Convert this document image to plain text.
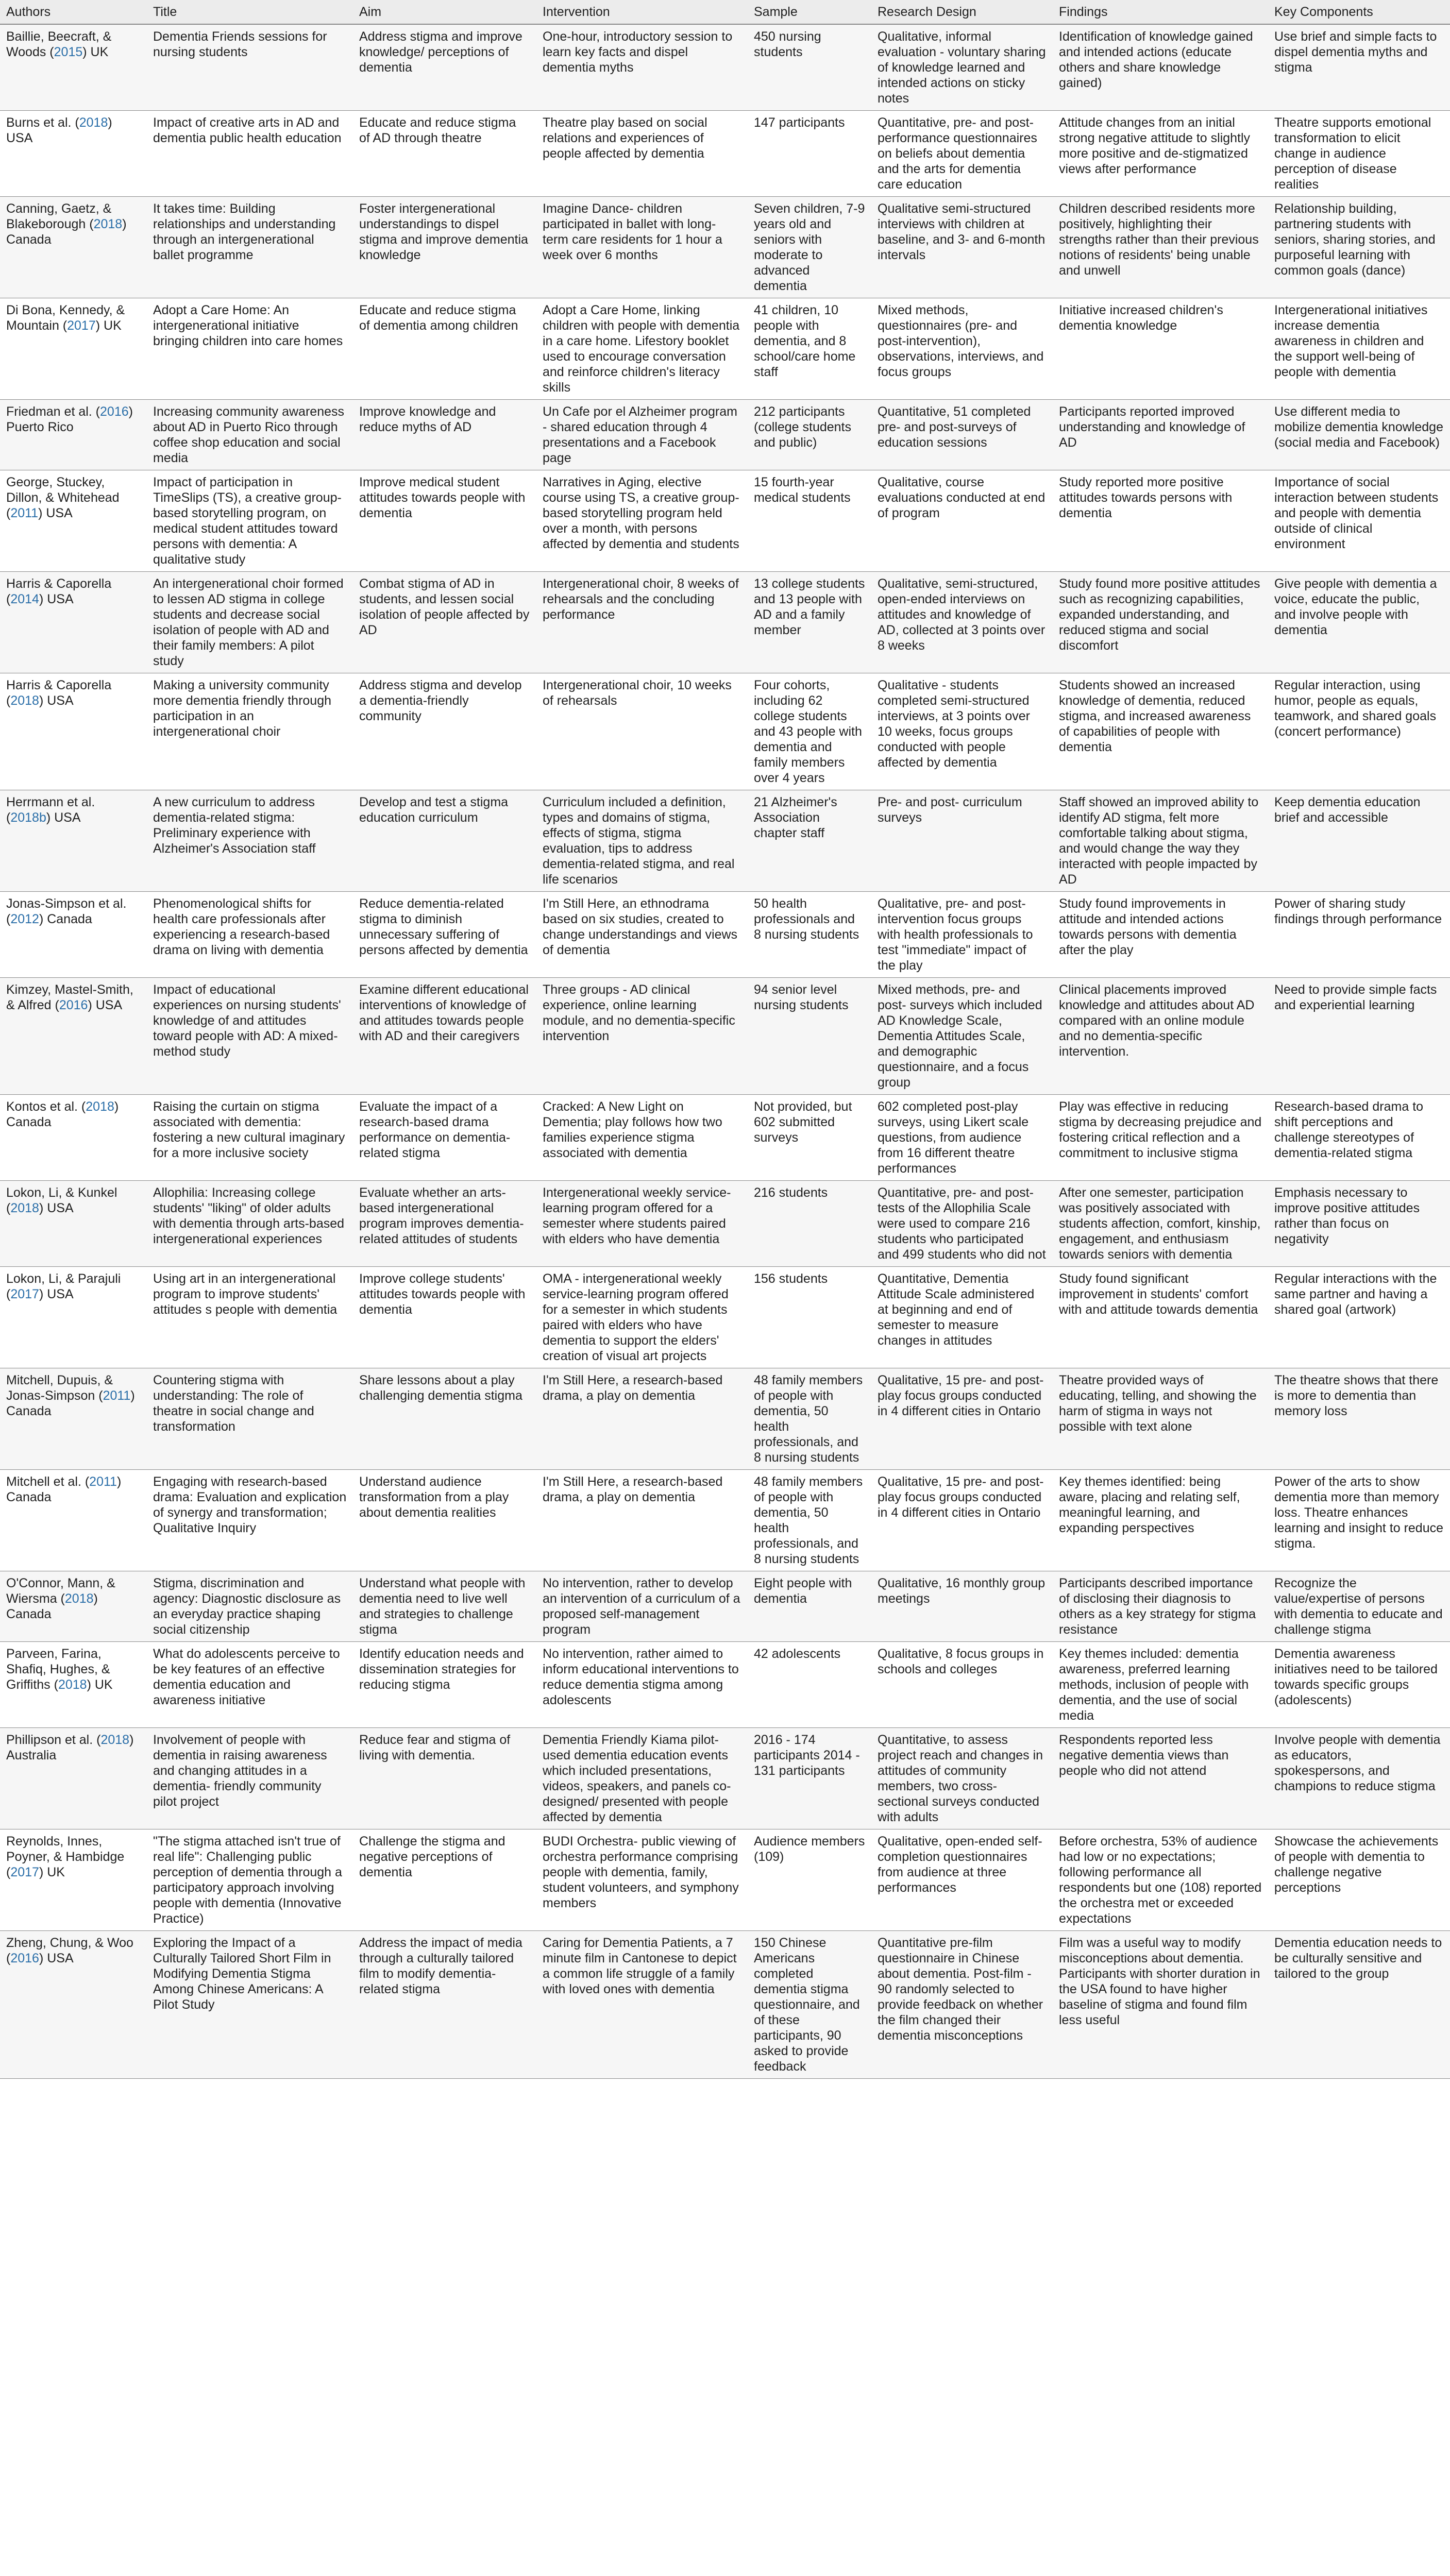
Authors	Title	Aim	Intervention	Sample	Research Design	Findings	Key Components
Baillie, Beecraft, & Woods (2015) UK	Dementia Friends sessions for nursing students	Address stigma and improve knowledge/ perceptions of dementia	One-hour, introductory session to learn key facts and dispel dementia myths	450 nursing students	Qualitative, informal evaluation - voluntary sharing of knowledge learned and intended actions on sticky notes	Identification of knowledge gained and intended actions (educate others and share knowledge gained)	Use brief and simple facts to dispel dementia myths and stigma
Burns et al. (2018) USA	Impact of creative arts in AD and dementia public health education	Educate and reduce stigma of AD through theatre	Theatre play based on social relations and experiences of people affected by dementia	147 participants	Quantitative, pre- and post-performance questionnaires on beliefs about dementia and the arts for dementia care education	Attitude changes from an initial strong negative attitude to slightly more positive and de-stigmatized views after performance	Theatre supports emotional transformation to elicit change in audience perception of disease realities
Canning, Gaetz, & Blakeborough (2018) Canada	It takes time: Building relationships and understanding through an intergenerational ballet programme	Foster intergenerational understandings to dispel stigma and improve dementia knowledge	Imagine Dance- children participated in ballet with long-term care residents for 1 hour a week over 6 months	Seven children, 7-9 years old and seniors with moderate to advanced dementia	Qualitative semi-structured interviews with children at baseline, and 3- and 6-month intervals	Children described residents more positively, highlighting their strengths rather than their previous notions of residents' being unable and unwell	Relationship building, partnering students with seniors, sharing stories, and purposeful learning with common goals (dance)
Di Bona, Kennedy, & Mountain (2017) UK	Adopt a Care Home: An intergenerational initiative bringing children into care homes	Educate and reduce stigma of dementia among children	Adopt a Care Home, linking children with people with dementia in a care home. Lifestory booklet used to encourage conversation and reinforce children's literacy skills	41 children, 10 people with dementia, and 8 school/care home staff	Mixed methods, questionnaires (pre- and post-intervention), observations, interviews, and focus groups	Initiative increased children's dementia knowledge	Intergenerational initiatives increase dementia awareness in children and the support well-being of people with dementia
Friedman et al. (2016) Puerto Rico	Increasing community awareness about AD in Puerto Rico through coffee shop education and social media	Improve knowledge and reduce myths of AD	Un Cafe por el Alzheimer program - shared education through 4 presentations and a Facebook page	212 participants (college students and public)	Quantitative, 51 completed pre- and post-surveys of education sessions	Participants reported improved understanding and knowledge of AD	Use different media to mobilize dementia knowledge (social media and Facebook)
George, Stuckey, Dillon, & Whitehead (2011) USA	Impact of participation in TimeSlips (TS), a creative group-based storytelling program, on medical student attitudes toward persons with dementia: A qualitative study	Improve medical student attitudes towards people with dementia	Narratives in Aging, elective course using TS, a creative group-based storytelling program held over a month, with persons affected by dementia and students	15 fourth-year medical students	Qualitative, course evaluations conducted at end of program	Study reported more positive attitudes towards persons with dementia	Importance of social interaction between students and people with dementia outside of clinical environment
Harris & Caporella (2014) USA	An intergenerational choir formed to lessen AD stigma in college students and decrease social isolation of people with AD and their family members: A pilot study	Combat stigma of AD in students, and lessen social isolation of people affected by AD	Intergenerational choir, 8 weeks of rehearsals and the concluding performance	13 college students and 13 people with AD and a family member	Qualitative, semi-structured, open-ended interviews on attitudes and knowledge of AD, collected at 3 points over 8 weeks	Study found more positive attitudes such as recognizing capabilities, expanded understanding, and reduced stigma and social discomfort	Give people with dementia a voice, educate the public, and involve people with dementia
Harris & Caporella (2018) USA	Making a university community more dementia friendly through participation in an intergenerational choir	Address stigma and develop a dementia-friendly community	Intergenerational choir, 10 weeks of rehearsals	Four cohorts, including 62 college students and 43 people with dementia and family members over 4 years	Qualitative - students completed semi-structured interviews, at 3 points over 10 weeks, focus groups conducted with people affected by dementia	Students showed an increased knowledge of dementia, reduced stigma, and increased awareness of capabilities of people with dementia	Regular interaction, using humor, people as equals, teamwork, and shared goals (concert performance)
Herrmann et al. (2018b) USA	A new curriculum to address dementia-related stigma: Preliminary experience with Alzheimer's Association staff	Develop and test a stigma education curriculum	Curriculum included a definition, types and domains of stigma, effects of stigma, stigma evaluation, tips to address dementia-related stigma, and real life scenarios	21 Alzheimer's Association chapter staff	Pre- and post- curriculum surveys	Staff showed an improved ability to identify AD stigma, felt more comfortable talking about stigma, and would change the way they interacted with people impacted by AD	Keep dementia education brief and accessible
Jonas-Simpson et al.(2012) Canada	Phenomenological shifts for health care professionals after experiencing a research-based drama on living with dementia	Reduce dementia-related stigma to diminish unnecessary suffering of persons affected by dementia	I'm Still Here, an ethnodrama based on six studies, created to change understandings and views of dementia	50 health professionals and 8 nursing students	Qualitative, pre- and post-intervention focus groups with health professionals to test "immediate" impact of the play	Study found improvements in attitude and intended actions towards persons with dementia after the play	Power of sharing study findings through performance
Kimzey, Mastel-Smith, & Alfred (2016) USA	Impact of educational experiences on nursing students' knowledge of and attitudes toward people with AD: A mixed-method study	Examine different educational interventions of knowledge of and attitudes towards people with AD and their caregivers	Three groups - AD clinical experience, online learning module, and no dementia-specific intervention	94 senior level nursing students	Mixed methods, pre- and post- surveys which included AD Knowledge Scale, Dementia Attitudes Scale, and demographic questionnaire, and a focus group	Clinical placements improved knowledge and attitudes about AD compared with an online module and no dementia-specific intervention.	Need to provide simple facts and experiential learning
Kontos et al. (2018) Canada	Raising the curtain on stigma associated with dementia: fostering a new cultural imaginary for a more inclusive society	Evaluate the impact of a research-based drama performance on dementia-related stigma	Cracked: A New Light on Dementia; play follows how two families experience stigma associated with dementia	Not provided, but 602 submitted surveys	602 completed post-play surveys, using Likert scale questions, from audience from 16 different theatre performances	Play was effective in reducing stigma by decreasing prejudice and fostering critical reflection and a commitment to inclusive stigma	Research-based drama to shift perceptions and challenge stereotypes of dementia-related stigma
Lokon, Li, & Kunkel (2018) USA	Allophilia: Increasing college students' "liking" of older adults with dementia through arts-based intergenerational experiences	Evaluate whether an arts-based intergenerational program improves dementia-related attitudes of students	Intergenerational weekly service-learning program offered for a semester where students paired with elders who have dementia	216 students	Quantitative, pre- and post-tests of the Allophilia Scale were used to compare 216 students who participated and 499 students who did not	After one semester, participation was positively associated with students affection, comfort, kinship, engagement, and enthusiasm towards seniors with dementia	Emphasis necessary to improve positive attitudes rather than focus on negativity
Lokon, Li, & Parajuli (2017) USA	Using art in an intergenerational program to improve students' attitudes s people with dementia	Improve college students' attitudes towards people with dementia	OMA - intergenerational weekly service-learning program offered for a semester in which students paired with elders who have dementia to support the elders' creation of visual art projects	156 students	Quantitative, Dementia Attitude Scale administered at beginning and end of semester to measure changes in attitudes	Study found significant improvement in students' comfort with and attitude towards dementia	Regular interactions with the same partner and having a shared goal (artwork)
Mitchell, Dupuis, & Jonas-Simpson (2011) Canada	Countering stigma with understanding: The role of theatre in social change and transformation	Share lessons about a play challenging dementia stigma	I'm Still Here, a research-based drama, a play on dementia	48 family members of people with dementia, 50 health professionals, and 8 nursing students	Qualitative, 15 pre- and post-play focus groups conducted in 4 different cities in Ontario	Theatre provided ways of educating, telling, and showing the harm of stigma in ways not possible with text alone	The theatre shows that there is more to dementia than memory loss
Mitchell et al. (2011) Canada	Engaging with research-based drama: Evaluation and explication of synergy and transformation; Qualitative Inquiry	Understand audience transformation from a play about dementia realities	I'm Still Here, a research-based drama, a play on dementia	48 family members of people with dementia, 50 health professionals, and 8 nursing students	Qualitative, 15 pre- and post-play focus groups conducted in 4 different cities in Ontario	Key themes identified: being aware, placing and relating self, meaningful learning, and expanding perspectives	Power of the arts to show dementia more than memory loss. Theatre enhances learning and insight to reduce stigma.
O'Connor, Mann, & Wiersma (2018) Canada	Stigma, discrimination and agency: Diagnostic disclosure as an everyday practice shaping social citizenship	Understand what people with dementia need to live well and strategies to challenge stigma	No intervention, rather to develop an intervention of a curriculum of a proposed self-management program	Eight people with dementia	Qualitative, 16 monthly group meetings	Participants described importance of disclosing their diagnosis to others as a key strategy for stigma resistance	Recognize the value/expertise of persons with dementia to educate and challenge stigma
Parveen, Farina, Shafiq, Hughes, & Griffiths (2018) UK	What do adolescents perceive to be key features of an effective dementia education and awareness initiative	Identify education needs and dissemination strategies for reducing stigma	No intervention, rather aimed to inform educational interventions to reduce dementia stigma among adolescents	42 adolescents	Qualitative, 8 focus groups in schools and colleges	Key themes included: dementia awareness, preferred learning methods, inclusion of people with dementia, and the use of social media	Dementia awareness initiatives need to be tailored towards specific groups (adolescents)
Phillipson et al. (2018) Australia	Involvement of people with dementia in raising awareness and changing attitudes in a dementia- friendly community pilot project	Reduce fear and stigma of living with dementia.	Dementia Friendly Kiama pilot- used dementia education events which included presentations, videos, speakers, and panels co-designed/ presented with people affected by dementia	2016 - 174 participants 2014 - 131 participants	Quantitative, to assess project reach and changes in attitudes of community members, two cross-sectional surveys conducted with adults	Respondents reported less negative dementia views than people who did not attend	Involve people with dementia as educators, spokespersons, and champions to reduce stigma
Reynolds, Innes, Poyner, & Hambidge (2017) UK	"The stigma attached isn't true of real life": Challenging public perception of dementia through a participatory approach involving people with dementia (Innovative Practice)	Challenge the stigma and negative perceptions of dementia	BUDI Orchestra- public viewing of orchestra performance comprising people with dementia, family, student volunteers, and symphony members	Audience members (109)	Qualitative, open-ended self-completion questionnaires from audience at three performances	Before orchestra, 53% of audience had low or no expectations; following performance all respondents but one (108) reported the orchestra met or exceeded expectations	Showcase the achievements of people with dementia to challenge negative perceptions
Zheng, Chung, & Woo (2016) USA	Exploring the Impact of a Culturally Tailored Short Film in Modifying Dementia Stigma Among Chinese Americans: A Pilot Study	Address the impact of media through a culturally tailored film to modify dementia-related stigma	Caring for Dementia Patients, a 7 minute film in Cantonese to depict a common life struggle of a family with loved ones with dementia	150 Chinese Americans completed dementia stigma questionnaire, and of these participants, 90 asked to provide feedback	Quantitative pre-film questionnaire in Chinese about dementia. Post-film - 90 randomly selected to provide feedback on whether the film changed their dementia misconceptions	Film was a useful way to modify misconceptions about dementia. Participants with shorter duration in the USA found to have higher baseline of stigma and found film less useful	Dementia education needs to be culturally sensitive and tailored to the group
